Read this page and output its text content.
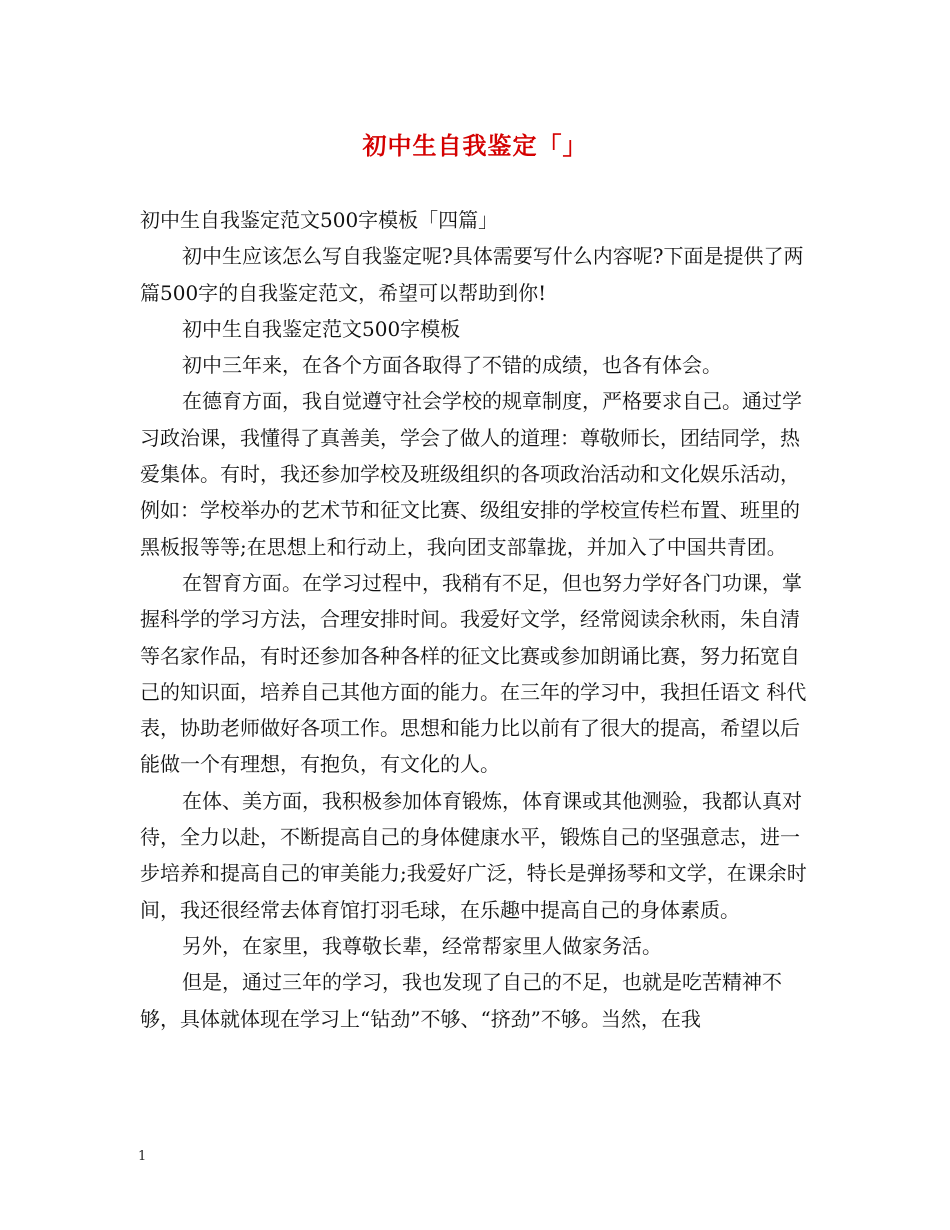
初中生自我鉴定「」

初中生自我鉴定范文500字模板「四篇」

初中生应该怎么写自我鉴定呢?具体需要写什么内容呢?下面是提供了两篇500字的自我鉴定范文，希望可以帮助到你!

初中生自我鉴定范文500字模板

初中三年来，在各个方面各取得了不错的成绩，也各有体会。

在德育方面，我自觉遵守社会学校的规章制度，严格要求自己。通过学习政治课，我懂得了真善美，学会了做人的道理：尊敬师长，团结同学，热爱集体。有时，我还参加学校及班级组织的各项政治活动和文化娱乐活动，例如：学校举办的艺术节和征文比赛、级组安排的学校宣传栏布置、班里的黑板报等等;在思想上和行动上，我向团支部靠拢，并加入了中国共青团。

在智育方面。在学习过程中，我稍有不足，但也努力学好各门功课，掌握科学的学习方法，合理安排时间。我爱好文学，经常阅读余秋雨，朱自清等名家作品，有时还参加各种各样的征文比赛或参加朗诵比赛，努力拓宽自己的知识面，培养自己其他方面的能力。在三年的学习中，我担任语文 科代表，协助老师做好各项工作。思想和能力比以前有了很大的提高，希望以后能做一个有理想，有抱负，有文化的人。

在体、美方面，我积极参加体育锻炼，体育课或其他测验，我都认真对待，全力以赴，不断提高自己的身体健康水平，锻炼自己的坚强意志，进一步培养和提高自己的审美能力;我爱好广泛，特长是弹扬琴和文学，在课余时间，我还很经常去体育馆打羽毛球，在乐趣中提高自己的身体素质。

另外，在家里，我尊敬长辈，经常帮家里人做家务活。

但是，通过三年的学习，我也发现了自己的不足，也就是吃苦精神不够，具体就体现在学习上“钻劲”不够、“挤劲”不够。当然，在我

1
